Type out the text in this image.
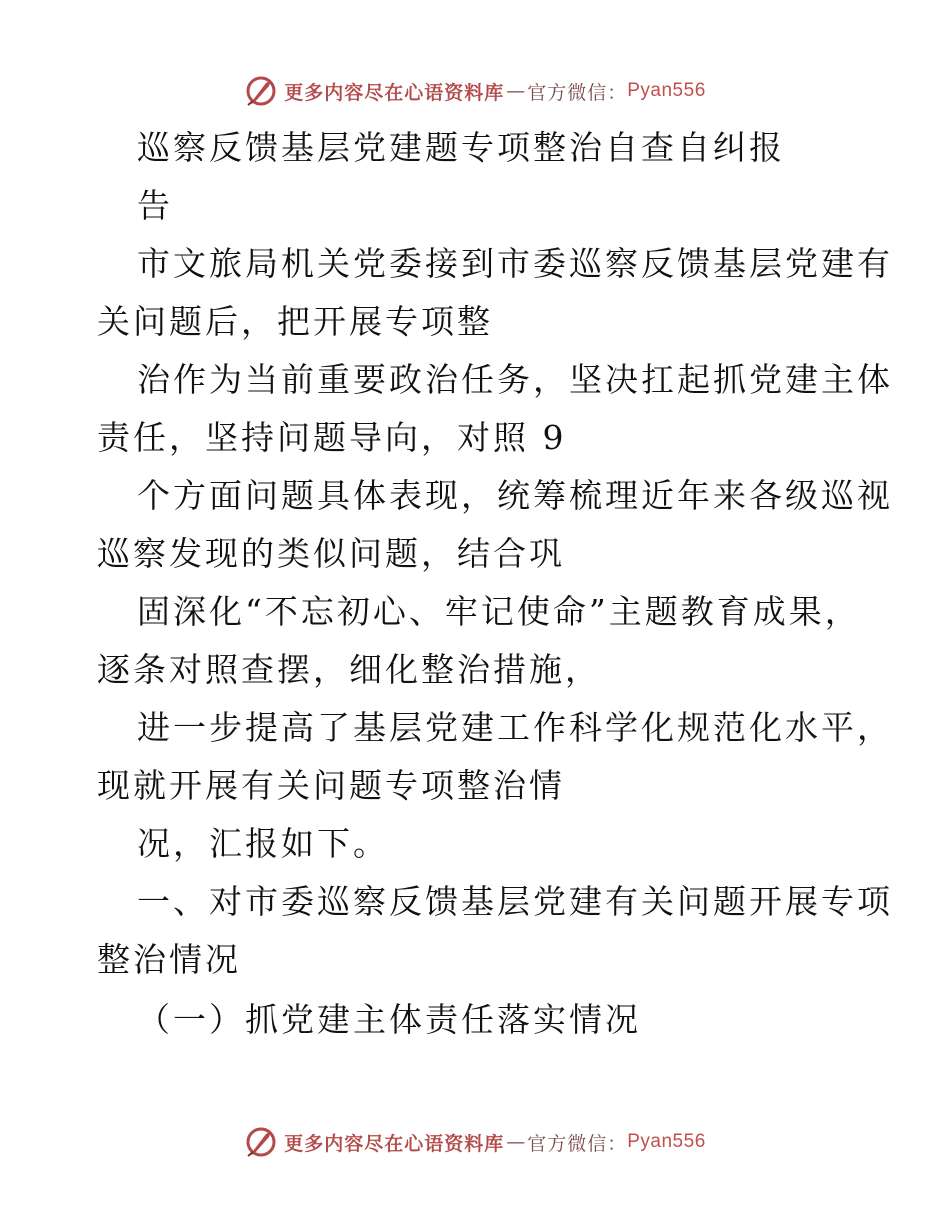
更多内容尽在心语资料库 — 官方微信： Pyan556
巡察反馈基层党建题专项整治自查自纠报
告
市文旅局机关党委接到市委巡察反馈基层党建有
关问题后，把开展专项整
治作为当前重要政治任务，坚决扛起抓党建主体
责任，坚持问题导向，对照 9
个方面问题具体表现，统筹梳理近年来各级巡视
巡察发现的类似问题，结合巩
固深化“不忘初心、牢记使命”主题教育成果，
逐条对照查摆，细化整治措施，
进一步提高了基层党建工作科学化规范化水平，
现就开展有关问题专项整治情
况，汇报如下。
一、对市委巡察反馈基层党建有关问题开展专项
整治情况
（一）抓党建主体责任落实情况
更多内容尽在心语资料库 — 官方微信： Pyan556
